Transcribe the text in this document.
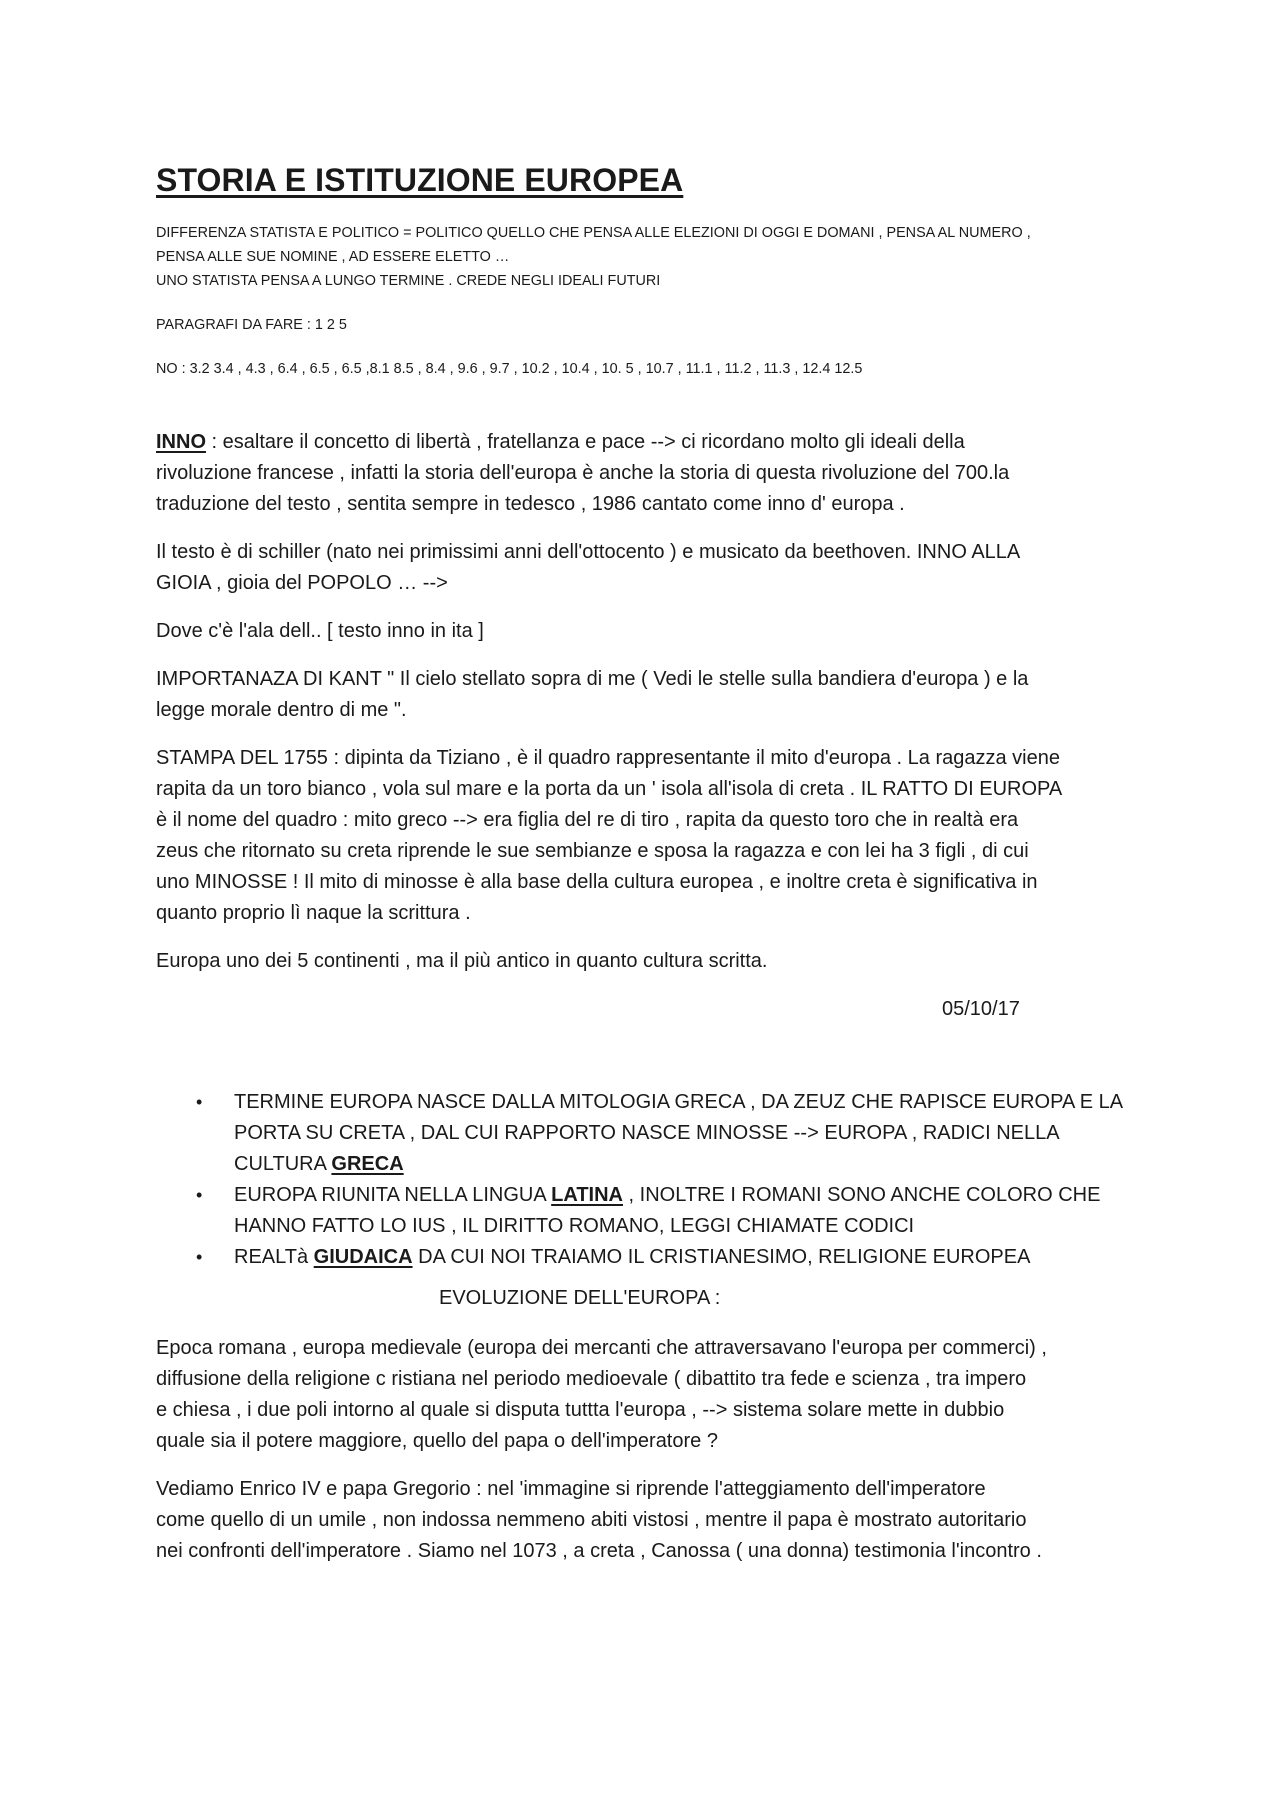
STORIA E ISTITUZIONE EUROPEA

DIFFERENZA STATISTA E POLITICO = POLITICO QUELLO CHE PENSA ALLE ELEZIONI DI OGGI E DOMANI , PENSA AL NUMERO ,

PENSA ALLE SUE NOMINE , AD ESSERE ELETTO …

UNO STATISTA PENSA A LUNGO TERMINE . CREDE NEGLI IDEALI FUTURI

PARAGRAFI DA FARE : 1 2 5

NO : 3.2 3.4 , 4.3 , 6.4 , 6.5 , 6.5 ,8.1 8.5 , 8.4 , 9.6 , 9.7 , 10.2 , 10.4 , 10. 5 , 10.7 , 11.1 , 11.2 , 11.3 , 12.4 12.5

INNO : esaltare il concetto di libertà , fratellanza e pace --> ci ricordano molto gli ideali della
rivoluzione francese , infatti la storia dell'europa è anche la storia di questa rivoluzione del 700.la
traduzione del testo , sentita sempre in tedesco , 1986 cantato come inno d' europa .

Il testo è di schiller (nato nei primissimi anni dell'ottocento ) e musicato da beethoven. INNO ALLA
GIOIA , gioia del POPOLO … -->

Dove c'è l'ala dell.. [ testo inno in ita ]

IMPORTANAZA DI KANT " Il cielo stellato sopra di me ( Vedi le stelle sulla bandiera d'europa ) e la
legge morale dentro di me ".

STAMPA DEL 1755 : dipinta da Tiziano , è il quadro rappresentante il mito d'europa . La ragazza viene
rapita da un toro bianco , vola sul mare e la porta da un ' isola all'isola di creta . IL RATTO DI EUROPA
è il nome del quadro : mito greco --> era figlia del re di tiro , rapita da questo toro che in realtà era
zeus che ritornato su creta riprende le sue sembianze e sposa la ragazza e con lei ha 3 figli , di cui
uno MINOSSE ! Il mito di minosse è alla base della cultura europea , e inoltre creta è significativa in
quanto proprio lì naque la scrittura .

Europa uno dei 5 continenti , ma il più antico in quanto cultura scritta.

05/10/17

• TERMINE EUROPA NASCE DALLA MITOLOGIA GRECA , DA ZEUZ CHE RAPISCE EUROPA E LA
PORTA SU CRETA , DAL CUI RAPPORTO NASCE MINOSSE --> EUROPA , RADICI NELLA
CULTURA GRECA
• EUROPA RIUNITA NELLA LINGUA LATINA , INOLTRE I ROMANI SONO ANCHE COLORO CHE
HANNO FATTO LO IUS , IL DIRITTO ROMANO, LEGGI CHIAMATE CODICI
• REALTà GIUDAICA DA CUI NOI TRAIAMO IL CRISTIANESIMO, RELIGIONE EUROPEA

EVOLUZIONE DELL'EUROPA :

Epoca romana , europa medievale (europa dei mercanti che attraversavano l'europa per commerci) ,
diffusione della religione c ristiana nel periodo medioevale ( dibattito tra fede e scienza , tra impero
e chiesa , i due poli intorno al quale si disputa tuttta l'europa , --> sistema solare mette in dubbio
quale sia il potere maggiore, quello del papa o dell'imperatore ?

Vediamo Enrico IV e papa Gregorio : nel 'immagine si riprende l'atteggiamento dell'imperatore
come quello di un umile , non indossa nemmeno abiti vistosi , mentre il papa è mostrato autoritario
nei confronti dell'imperatore . Siamo nel 1073 , a creta , Canossa ( una donna) testimonia l'incontro .
